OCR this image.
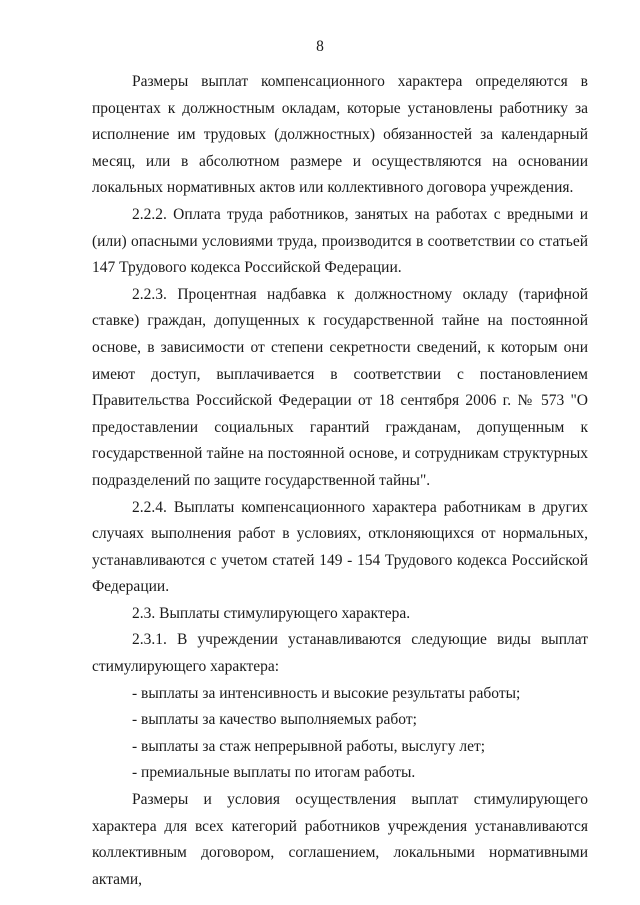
8

Размеры выплат компенсационного характера определяются в процентах к должностным окладам, которые установлены работнику за исполнение им трудовых (должностных) обязанностей за календарный месяц, или в абсолютном размере и осуществляются на основании локальных нормативных актов или коллективного договора учреждения.

2.2.2. Оплата труда работников, занятых на работах с вредными и (или) опасными условиями труда, производится в соответствии со статьей 147 Трудового кодекса Российской Федерации.

2.2.3. Процентная надбавка к должностному окладу (тарифной ставке) граждан, допущенных к государственной тайне на постоянной основе, в зависимости от степени секретности сведений, к которым они имеют доступ, выплачивается в соответствии с постановлением Правительства Российской Федерации от 18 сентября 2006 г. № 573 "О предоставлении социальных гарантий гражданам, допущенным к государственной тайне на постоянной основе, и сотрудникам структурных подразделений по защите государственной тайны".

2.2.4. Выплаты компенсационного характера работникам в других случаях выполнения работ в условиях, отклоняющихся от нормальных, устанавливаются с учетом статей 149 - 154 Трудового кодекса Российской Федерации.

2.3. Выплаты стимулирующего характера.

2.3.1. В учреждении устанавливаются следующие виды выплат стимулирующего характера:

- выплаты за интенсивность и высокие результаты работы;

- выплаты за качество выполняемых работ;

- выплаты за стаж непрерывной работы, выслугу лет;

- премиальные выплаты по итогам работы.

Размеры и условия осуществления выплат стимулирующего характера для всех категорий работников учреждения устанавливаются коллективным договором, соглашением, локальными нормативными актами,
